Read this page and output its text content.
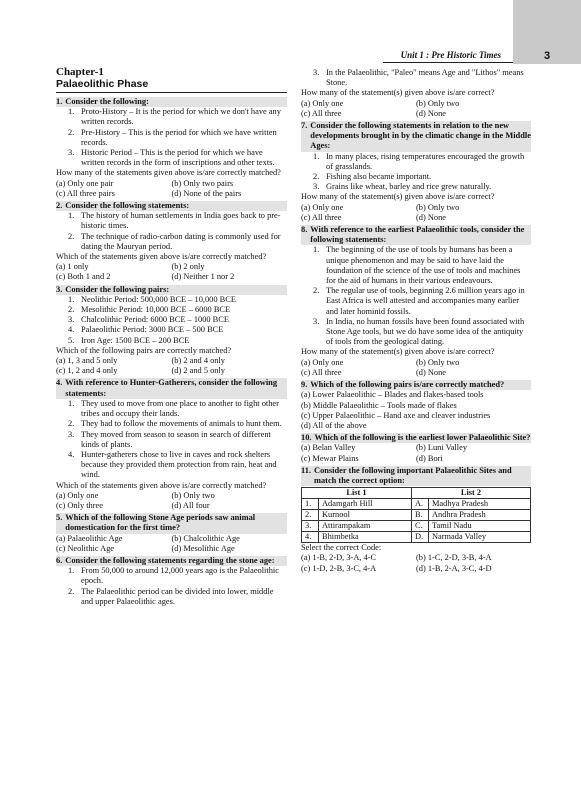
Unit 1 : Pre Historic Times	3
Chapter-1
Palaeolithic Phase
1. Consider the following:
1. Proto-History – It is the period for which we don't have any written records.
2. Pre-History – This is the period for which we have written records.
3. Historic Period – This is the period for which we have written records in the form of inscriptions and other texts.
How many of the statements given above is/are correctly matched?
(a) Only one pair	(b) Only two pairs
(c) All three pairs	(d) None of the pairs
2. Consider the following statements:
1. The history of human settlements in India goes back to pre-historic times.
2. The technique of radio-carbon dating is commonly used for dating the Mauryan period.
Which of the statements given above is/are correctly matched?
(a) 1 only	(b) 2 only
(c) Both 1 and 2	(d) Neither 1 nor 2
3. Consider the following pairs:
1. Neolithic Period: 500,000 BCE – 10,000 BCE
2. Mesolithic Period: 10,000 BCE – 6000 BCE
3. Chalcolithic Period: 6000 BCE – 1000 BCE
4. Palaeolithic Period: 3000 BCE – 500 BCE
5. Iron Age: 1500 BCE – 200 BCE
Which of the following pairs are correctly matched?
(a) 1, 3 and 5 only	(b) 2 and 4 only
(c) 1, 2 and 4 only	(d) 2 and 5 only
4. With reference to Hunter-Gatherers, consider the following statements:
1. They used to move from one place to another to fight other tribes and occupy their lands.
2. They had to follow the movements of animals to hunt them.
3. They moved from season to season in search of different kinds of plants.
4. Hunter-gatherers chose to live in caves and rock shelters because they provided them protection from rain, heat and wind.
Which of the statements given above is/are correctly matched?
(a) Only one	(b) Only two
(c) Only three	(d) All four
5. Which of the following Stone Age periods saw animal domestication for the first time?
(a) Palaeolithic Age	(b) Chalcolithic Age
(c) Neolithic Age	(d) Mesolithic Age
6. Consider the following statements regarding the stone age:
1. From 50,000 to around 12,000 years ago is the Palaeolithic epoch.
2. The Palaeolithic period can be divided into lower, middle and upper Palaeolithic ages.
3. In the Palaeolithic, "Paleo" means Age and "Lithos" means Stone.
How many of the statement(s) given above is/are correct?
(a) Only one	(b) Only two
(c) All three	(d) None
7. Consider the following statements in relation to the new developments brought in by the climatic change in the Middle Ages:
1. In many places, rising temperatures encouraged the growth of grasslands.
2. Fishing also became important.
3. Grains like wheat, barley and rice grew naturally.
How many of the statement(s) given above is/are correct?
(a) Only one	(b) Only two
(c) All three	(d) None
8. With reference to the earliest Palaeolithic tools, consider the following statements:
1. The beginning of the use of tools by humans has been a unique phenomenon and may be said to have laid the foundation of the science of the use of tools and machines for the aid of humans in their various endeavours.
2. The regular use of tools, beginning 2.6 million years ago in East Africa is well attested and accompanies many earlier and later hominid fossils.
3. In India, no human fossils have been found associated with Stone Age tools, but we do have some idea of the antiquity of tools from the geological dating.
How many of the statement(s) given above is/are correct?
(a) Only one	(b) Only two
(c) All three	(d) None
9. Which of the following pairs is/are correctly matched?
(a) Lower Palaeolithic – Blades and flakes-based tools
(b) Middle Palaeolithic – Tools made of flakes
(c) Upper Palaeolithic – Hand axe and cleaver industries
(d) All of the above
10. Which of the following is the earliest lower Palaeolithic Site?
(a) Belan Valley	(b) Luni Valley
(c) Mewar Plains	(d) Bori
11. Consider the following important Palaeolithic Sites and match the correct option:
List 1		List 2	
1.	Adamgarh Hill	A.	Madhya Pradesh
2.	Kurnool	B.	Andhra Pradesh
3.	Attirampakam	C.	Tamil Nadu
4.	Bhimbetka	D.	Narmada Valley
Select the correct Code:
(a) 1-B, 2-D, 3-A, 4-C	(b) 1-C, 2-D, 3-B, 4-A
(c) 1-D, 2-B, 3-C, 4-A	(d) 1-B, 2-A, 3-C, 4-D
